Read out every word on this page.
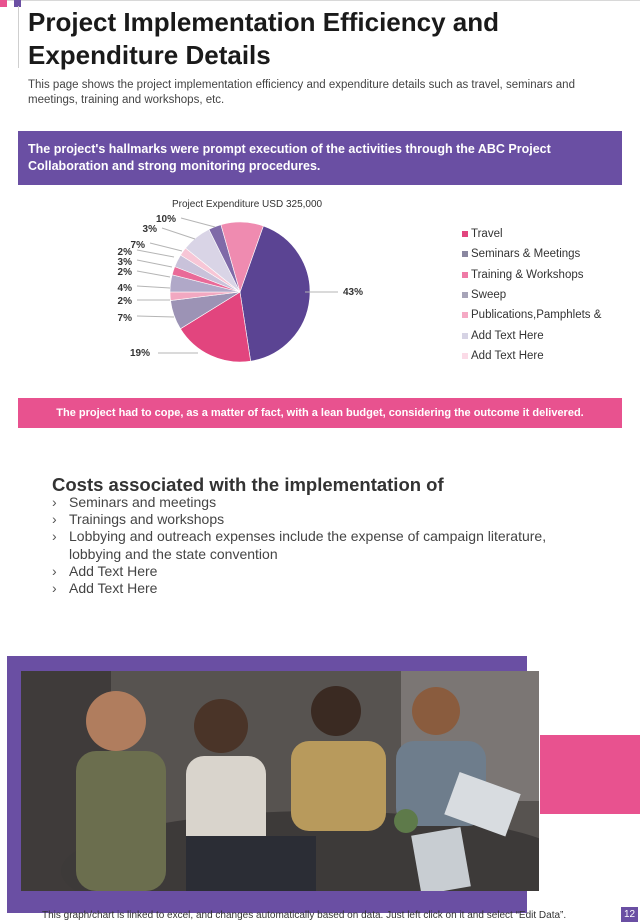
Project Implementation Efficiency and Expenditure Details

This page shows the project implementation efficiency and expenditure details such as travel, seminars and meetings, training and workshops, etc.

The project's hallmarks were prompt execution of the activities through the ABC Project Collaboration and strong monitoring procedures.
Project Expenditure USD 325,000
43%
19%
7%
2%
4%
2%
3%
2%
7%
3%
10%
Travel
Seminars & Meetings
Training & Workshops
Sweep
Publications,Pamphlets &
Add Text Here
Add Text Here
The project had to cope, as a matter of fact, with a lean budget, considering the outcome it delivered.
Costs associated with the implementation of
› Seminars and meetings
› Trainings and workshops
› Lobbying and outreach expenses include the expense of campaign literature, lobbying and the state convention
› Add Text Here
› Add Text Here
This graph/chart is linked to excel, and changes automatically based on data. Just left click on it and select “Edit Data”.	12
